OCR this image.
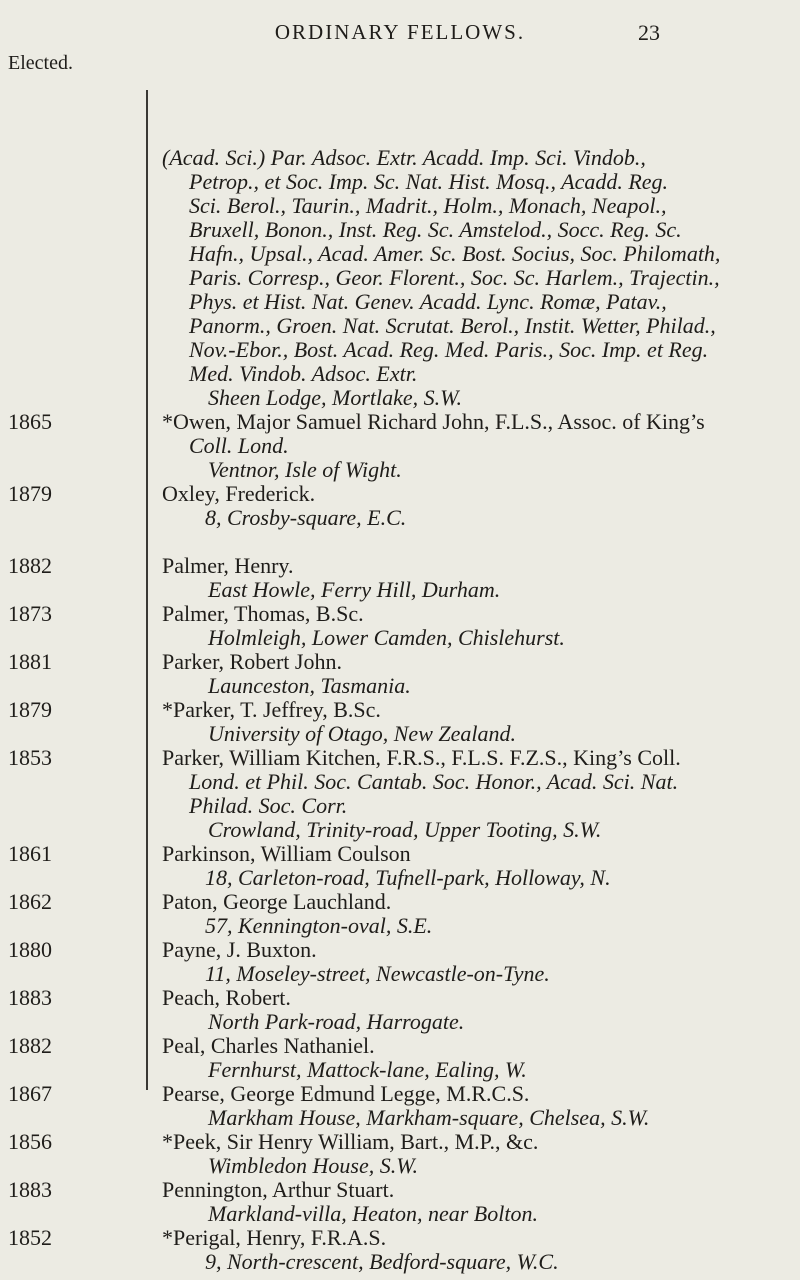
ORDINARY FELLOWS.	23
Elected.
(Acad. Sci.) Par. Adsoc. Extr. Acadd. Imp. Sci. Vindob.,
Petrop., et Soc. Imp. Sc. Nat. Hist. Mosq., Acadd. Reg.
Sci. Berol., Taurin., Madrit., Holm., Monach, Neapol.,
Bruxell, Bonon., Inst. Reg. Sc. Amstelod., Socc. Reg. Sc.
Hafn., Upsal., Acad. Amer. Sc. Bost. Socius, Soc. Philomath,
Paris. Corresp., Geor. Florent., Soc. Sc. Harlem., Trajectin.,
Phys. et Hist. Nat. Genev. Acadd. Lync. Romæ, Patav.,
Panorm., Groen. Nat. Scrutat. Berol., Instit. Wetter, Philad.,
Nov.-Ebor., Bost. Acad. Reg. Med. Paris., Soc. Imp. et Reg.
Med. Vindob. Adsoc. Extr.
Sheen Lodge, Mortlake, S.W.
1865	*Owen, Major Samuel Richard John, F.L.S., Assoc. of King’s
Coll. Lond.
Ventnor, Isle of Wight.
1879	Oxley, Frederick.
8, Crosby-square, E.C.
1882	Palmer, Henry.
East Howle, Ferry Hill, Durham.
1873	Palmer, Thomas, B.Sc.
Holmleigh, Lower Camden, Chislehurst.
1881	Parker, Robert John.
Launceston, Tasmania.
1879	*Parker, T. Jeffrey, B.Sc.
University of Otago, New Zealand.
1853	Parker, William Kitchen, F.R.S., F.L.S. F.Z.S., King’s Coll.
Lond. et Phil. Soc. Cantab. Soc. Honor., Acad. Sci. Nat.
Philad. Soc. Corr.
Crowland, Trinity-road, Upper Tooting, S.W.
1861	Parkinson, William Coulson
18, Carleton-road, Tufnell-park, Holloway, N.
1862	Paton, George Lauchland.
57, Kennington-oval, S.E.
1880	Payne, J. Buxton.
11, Moseley-street, Newcastle-on-Tyne.
1883	Peach, Robert.
North Park-road, Harrogate.
1882	Peal, Charles Nathaniel.
Fernhurst, Mattock-lane, Ealing, W.
1867	Pearse, George Edmund Legge, M.R.C.S.
Markham House, Markham-square, Chelsea, S.W.
1856	*Peek, Sir Henry William, Bart., M.P., &c.
Wimbledon House, S.W.
1883	Pennington, Arthur Stuart.
Markland-villa, Heaton, near Bolton.
1852	*Perigal, Henry, F.R.A.S.
9, North-crescent, Bedford-square, W.C.
